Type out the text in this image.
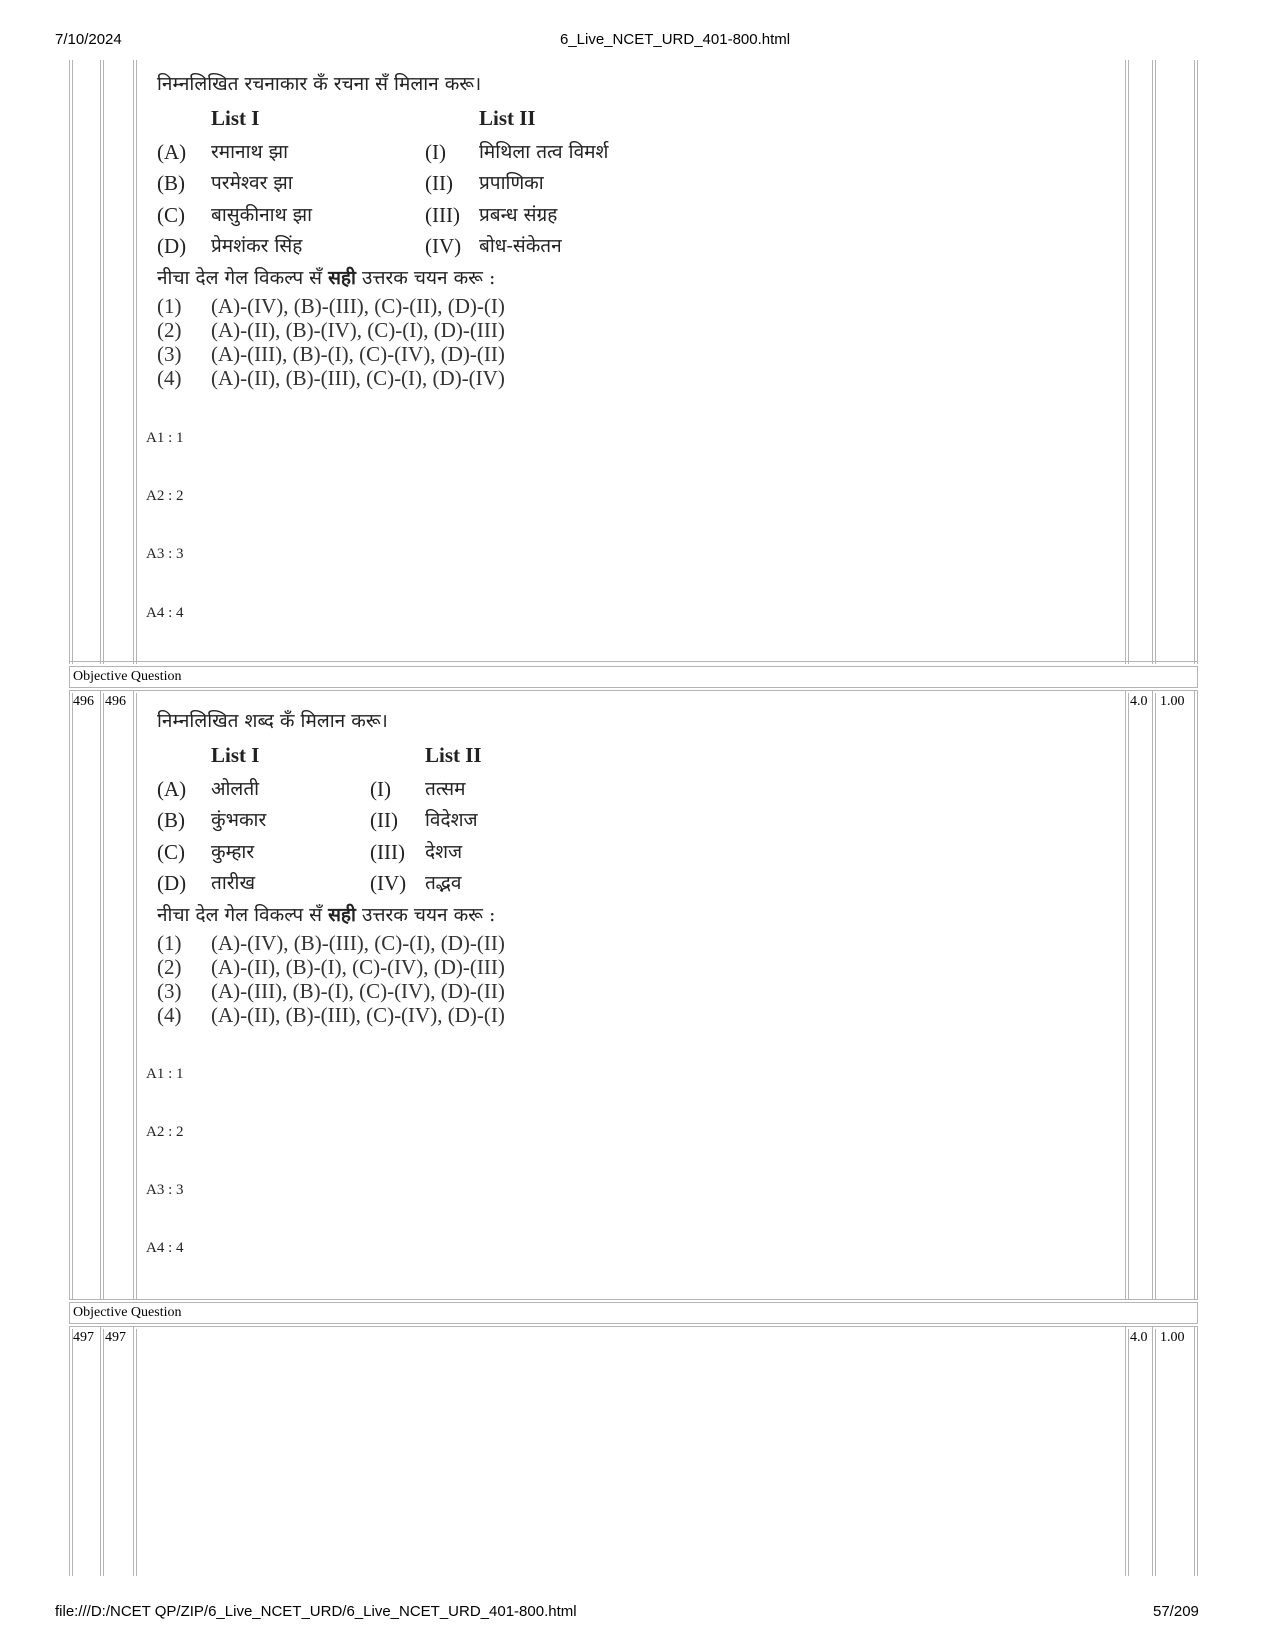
7/10/2024	6_Live_NCET_URD_401-800.html
file:///D:/NCET QP/ZIP/6_Live_NCET_URD/6_Live_NCET_URD_401-800.html	57/209
Objective Question
Objective Question
निम्नलिखित रचनाकार कँ रचना सँ मिलान करू।
List I	List II
(A) रमानाथ झा	(I) मिथिला तत्व विमर्श
(B) परमेश्वर झा	(II) प्रपाणिका
(C) बासुकीनाथ झा	(III) प्रबन्ध संग्रह
(D) प्रेमशंकर सिंह	(IV) बोध-संकेतन
नीचा देल गेल विकल्प सँ सही उत्तरक चयन करू :
(1) (A)-(IV), (B)-(III), (C)-(II), (D)-(I)
(2) (A)-(II), (B)-(IV), (C)-(I), (D)-(III)
(3) (A)-(III), (B)-(I), (C)-(IV), (D)-(II)
(4) (A)-(II), (B)-(III), (C)-(I), (D)-(IV)
A1 : 1
A2 : 2
A3 : 3
A4 : 4
496 496	4.0 1.00
निम्नलिखित शब्द कँ मिलान करू।
List I	List II
(A) ओलती	(I) तत्सम
(B) कुंभकार	(II) विदेशज
(C) कुम्हार	(III) देशज
(D) तारीख	(IV) तद्भव
नीचा देल गेल विकल्प सँ सही उत्तरक चयन करू :
(1) (A)-(IV), (B)-(III), (C)-(I), (D)-(II)
(2) (A)-(II), (B)-(I), (C)-(IV), (D)-(III)
(3) (A)-(III), (B)-(I), (C)-(IV), (D)-(II)
(4) (A)-(II), (B)-(III), (C)-(IV), (D)-(I)
A1 : 1
A2 : 2
A3 : 3
A4 : 4
497 497	4.0 1.00
